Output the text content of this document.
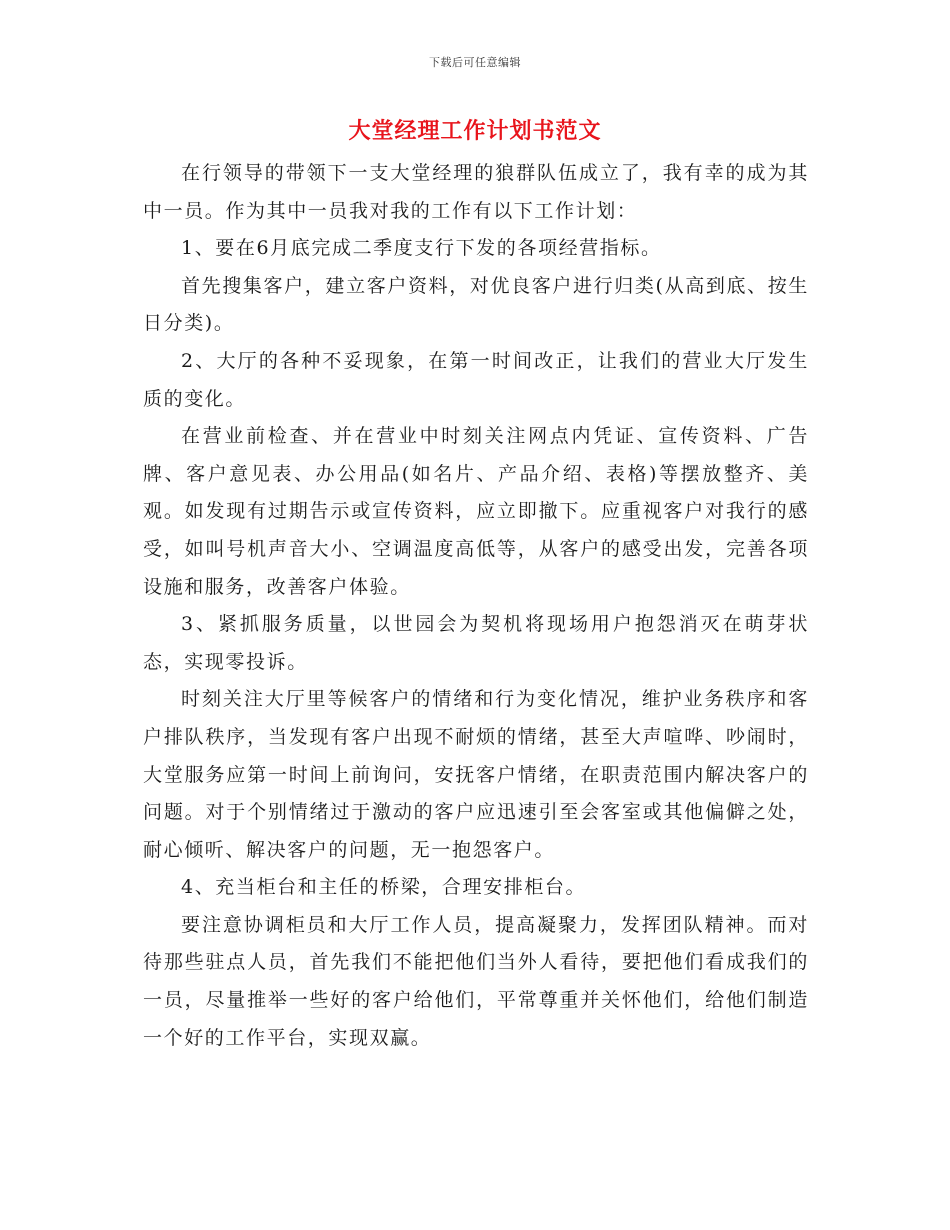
下载后可任意编辑
大堂经理工作计划书范文

在行领导的带领下一支大堂经理的狼群队伍成立了，我有幸的成为其中一员。作为其中一员我对我的工作有以下工作计划：

1、要在6月底完成二季度支行下发的各项经营指标。

首先搜集客户，建立客户资料，对优良客户进行归类(从高到底、按生日分类)。

2、大厅的各种不妥现象，在第一时间改正，让我们的营业大厅发生质的变化。

在营业前检查、并在营业中时刻关注网点内凭证、宣传资料、广告牌、客户意见表、办公用品(如名片、产品介绍、表格)等摆放整齐、美观。如发现有过期告示或宣传资料，应立即撤下。应重视客户对我行的感受，如叫号机声音大小、空调温度高低等，从客户的感受出发，完善各项设施和服务，改善客户体验。

3、紧抓服务质量，以世园会为契机将现场用户抱怨消灭在萌芽状态，实现零投诉。

时刻关注大厅里等候客户的情绪和行为变化情况，维护业务秩序和客户排队秩序，当发现有客户出现不耐烦的情绪，甚至大声喧哗、吵闹时，大堂服务应第一时间上前询问，安抚客户情绪，在职责范围内解决客户的问题。对于个别情绪过于激动的客户应迅速引至会客室或其他偏僻之处，耐心倾听、解决客户的问题，无一抱怨客户。

4、充当柜台和主任的桥梁，合理安排柜台。

要注意协调柜员和大厅工作人员，提高凝聚力，发挥团队精神。而对待那些驻点人员，首先我们不能把他们当外人看待，要把他们看成我们的一员，尽量推举一些好的客户给他们，平常尊重并关怀他们，给他们制造一个好的工作平台，实现双赢。
